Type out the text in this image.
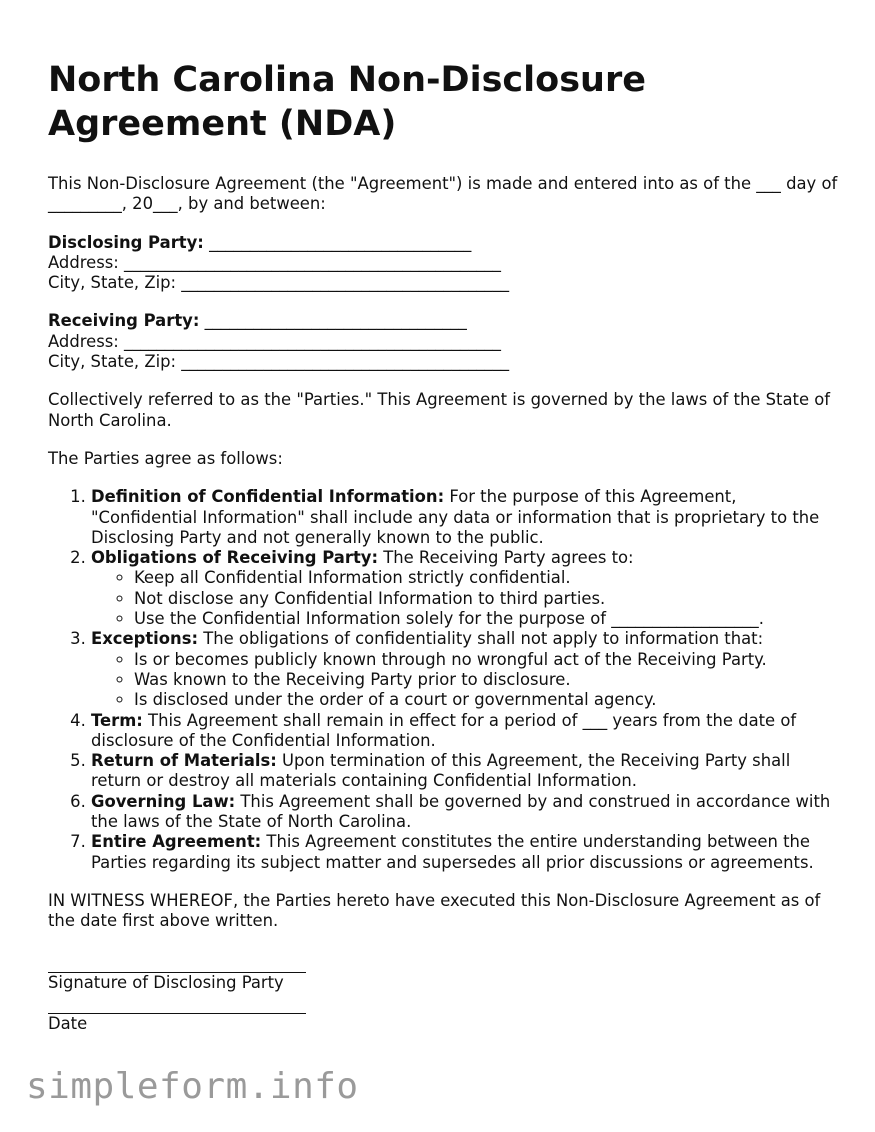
North Carolina Non-Disclosure Agreement (NDA)

This Non-Disclosure Agreement (the "Agreement") is made and entered into as of the ___ day of _________, 20___, by and between:

Disclosing Party: ________________________________
Address: ______________________________________________
City, State, Zip: ________________________________________
Receiving Party: ________________________________
Address: ______________________________________________
City, State, Zip: ________________________________________

Collectively referred to as the "Parties." This Agreement is governed by the laws of the State of North Carolina.

The Parties agree as follows:

1. Definition of Confidential Information: For the purpose of this Agreement, "Confidential Information" shall include any data or information that is proprietary to the Disclosing Party and not generally known to the public.
2. Obligations of Receiving Party: The Receiving Party agrees to:
◦ Keep all Confidential Information strictly confidential.
◦ Not disclose any Confidential Information to third parties.
◦ Use the Confidential Information solely for the purpose of __________________.
3. Exceptions: The obligations of confidentiality shall not apply to information that:
◦ Is or becomes publicly known through no wrongful act of the Receiving Party.
◦ Was known to the Receiving Party prior to disclosure.
◦ Is disclosed under the order of a court or governmental agency.
4. Term: This Agreement shall remain in effect for a period of ___ years from the date of disclosure of the Confidential Information.
5. Return of Materials: Upon termination of this Agreement, the Receiving Party shall return or destroy all materials containing Confidential Information.
6. Governing Law: This Agreement shall be governed by and construed in accordance with the laws of the State of North Carolina.
7. Entire Agreement: This Agreement constitutes the entire understanding between the Parties regarding its subject matter and supersedes all prior discussions or agreements.

IN WITNESS WHEREOF, the Parties hereto have executed this Non-Disclosure Agreement as of the date first above written.

Signature of Disclosing Party
Date
simpleform.info
